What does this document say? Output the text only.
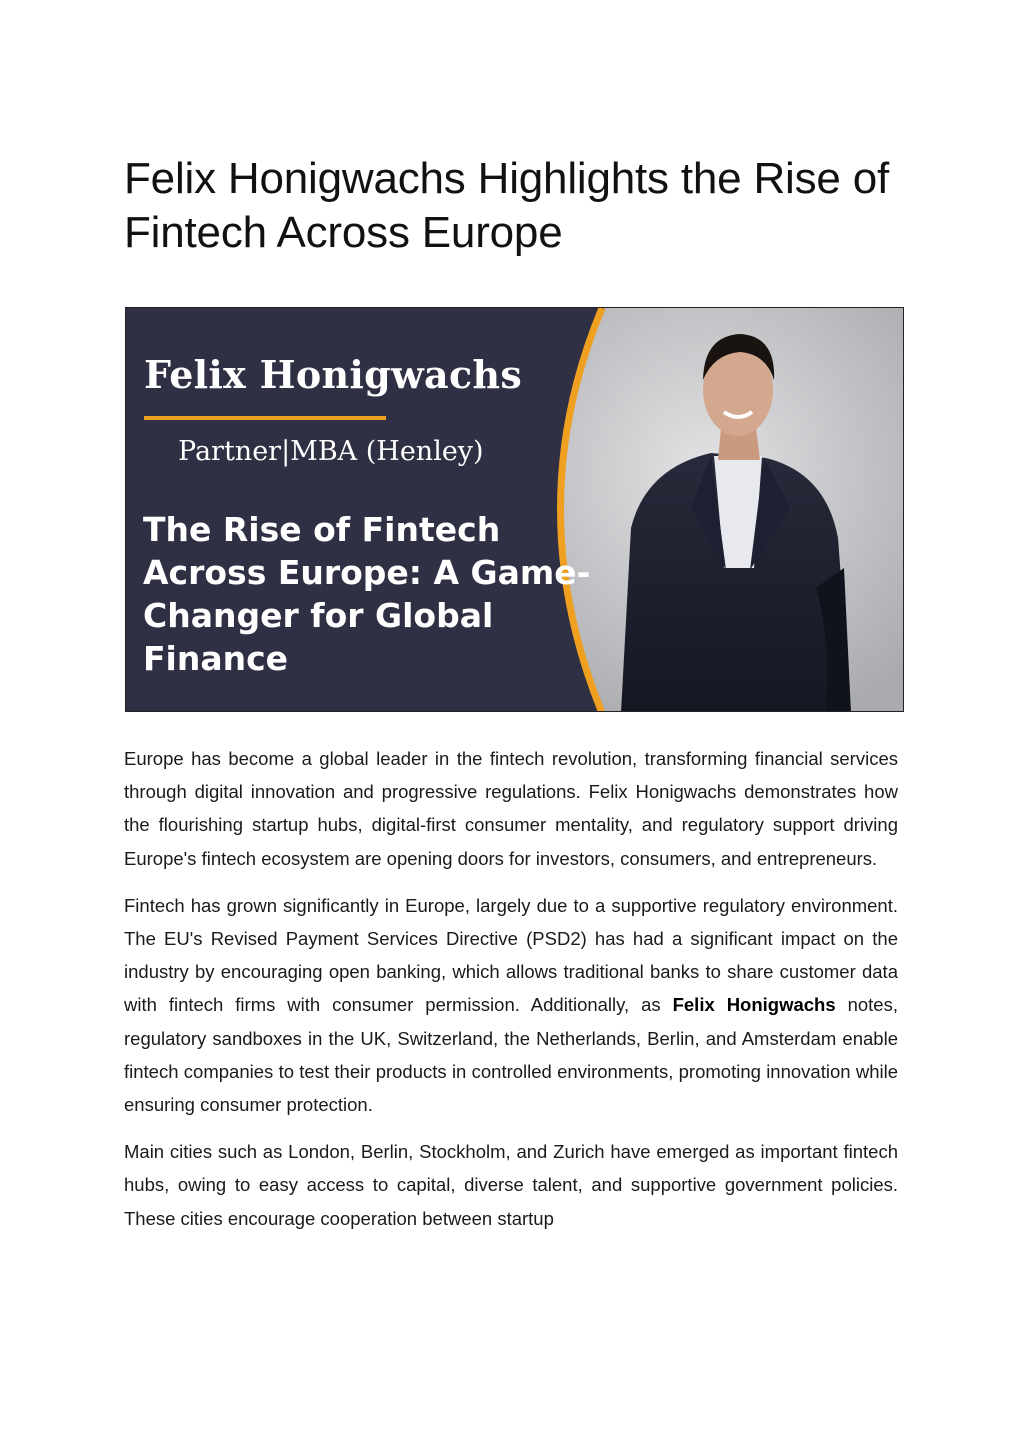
Felix Honigwachs Highlights the Rise of Fintech Across Europe
Felix Honigwachs

Partner|MBA (Henley)

The Rise of Fintech Across Europe: A Game-Changer for Global Finance

Europe has become a global leader in the fintech revolution, transforming financial services through digital innovation and progressive regulations. Felix Honigwachs demonstrates how the flourishing startup hubs, digital-first consumer mentality, and regulatory support driving Europe's fintech ecosystem are opening doors for investors, consumers, and entrepreneurs.

Fintech has grown significantly in Europe, largely due to a supportive regulatory environment. The EU's Revised Payment Services Directive (PSD2) has had a significant impact on the industry by encouraging open banking, which allows traditional banks to share customer data with fintech firms with consumer permission. Additionally, as Felix Honigwachs notes, regulatory sandboxes in the UK, Switzerland, the Netherlands, Berlin, and Amsterdam enable fintech companies to test their products in controlled environments, promoting innovation while ensuring consumer protection.

Main cities such as London, Berlin, Stockholm, and Zurich have emerged as important fintech hubs, owing to easy access to capital, diverse talent, and supportive government policies. These cities encourage cooperation between startup
